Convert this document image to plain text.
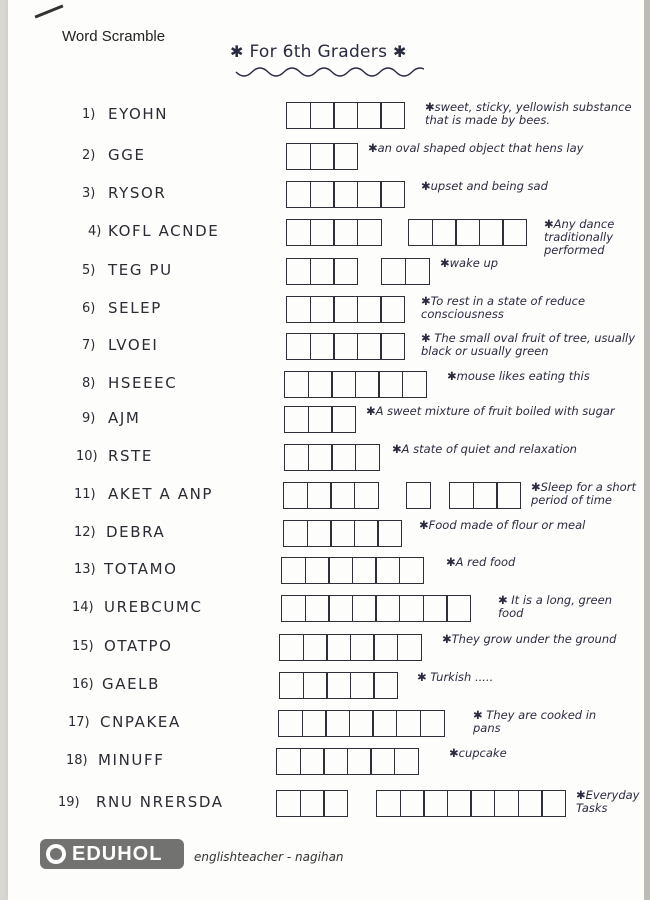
Word Scramble
✱ For 6th Graders ✱
1) EYOHN	✱sweet, sticky, yellowish substance that is made by bees.
2) GGE	✱an oval shaped object that hens lay
3) RYSOR	✱upset and being sad
4) KOFL ACNDE	✱Any dance traditionally performed
5) TEG PU	✱wake up
6) SELEP	✱To rest in a state of reduce consciousness
7) LVOEI	✱ The small oval fruit of tree, usually black or usually green
8) HSEEEC	✱mouse likes eating this
9) AJM	✱A sweet mixture of fruit boiled with sugar
10) RSTE	✱A state of quiet and relaxation
11) AKET A ANP	✱Sleep for a short period of time
12) DEBRA	✱Food made of flour or meal
13) TOTAMO	✱A red food
14) UREBCUMC	✱ It is a long, green food
15) OTATPO	✱They grow under the ground
16) GAELB	✱ Turkish .....
17) CNPAKEA	✱ They are cooked in pans
18) MINUFF	✱cupcake
19) RNU NRERSDA	✱Everyday Tasks
EDUHOL	englishteacher - nagihan
